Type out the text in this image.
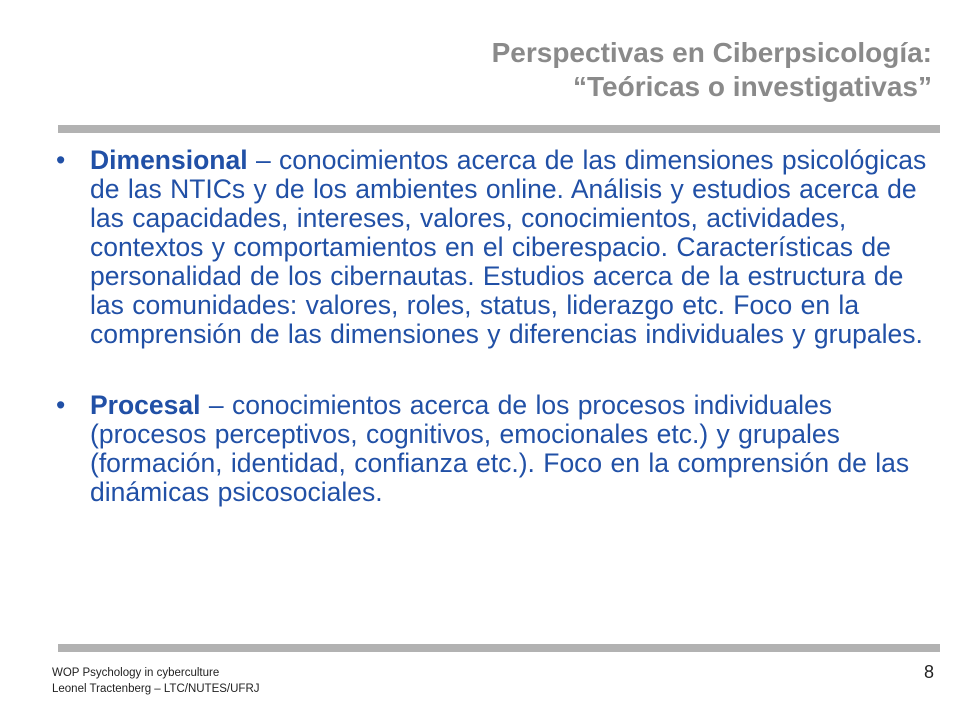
Perspectivas en Ciberpsicología:
“Teóricas o investigativas”
• Dimensional – conocimientos acerca de las dimensiones psicológicas de las NTICs y de los ambientes online. Análisis y estudios acerca de las capacidades, intereses, valores, conocimientos, actividades, contextos y comportamientos en el ciberespacio. Características de personalidad de los cibernautas. Estudios acerca de la estructura de las comunidades: valores, roles, status, liderazgo etc. Foco en la comprensión de las dimensiones y diferencias individuales y grupales.
• Procesal – conocimientos acerca de los procesos individuales (procesos perceptivos, cognitivos, emocionales etc.) y grupales (formación, identidad, confianza etc.). Foco en la comprensión de las dinámicas psicosociales.
WOP Psychology in cyberculture
Leonel Tractenberg – LTC/NUTES/UFRJ
8
